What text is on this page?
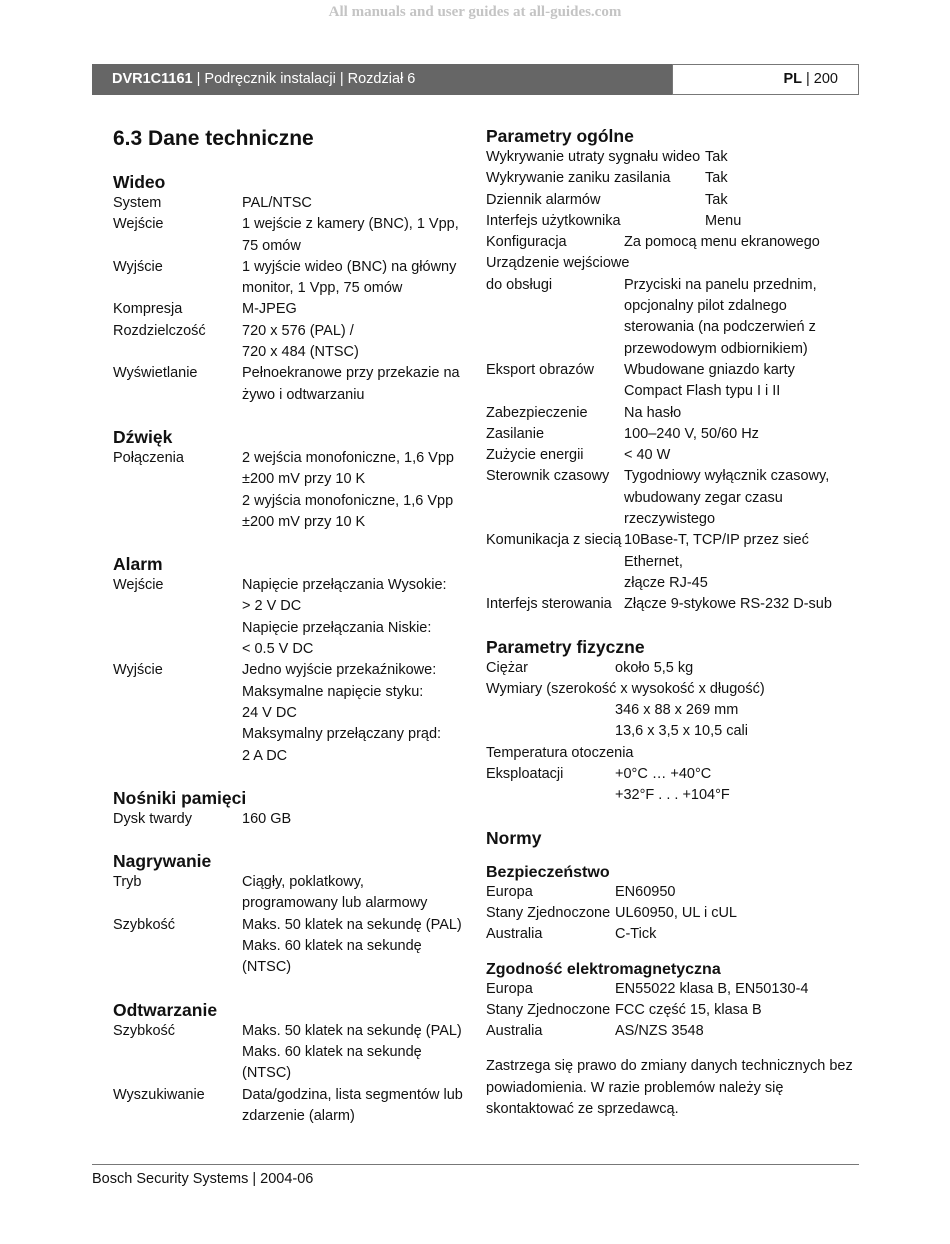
All manuals and user guides at all-guides.com
DVR1C1161 | Podręcznik instalacji | Rozdział 6	PL | 200
6.3 Dane techniczne
Wideo
System	PAL/NTSC
Wejście	1 wejście z kamery (BNC), 1 Vpp,
75 omów
Wyjście	1 wyjście wideo (BNC) na główny
monitor, 1 Vpp, 75 omów
Kompresja	M-JPEG
Rozdzielczość	720 x 576 (PAL) /
720 x 484 (NTSC)
Wyświetlanie	Pełnoekranowe przy przekazie na
żywo i odtwarzaniu
Dźwięk
Połączenia	2 wejścia monofoniczne, 1,6 Vpp
±200 mV przy 10 K
2 wyjścia monofoniczne, 1,6 Vpp
±200 mV przy 10 K
Alarm
Wejście	Napięcie przełączania Wysokie:
> 2 V DC
Napięcie przełączania Niskie:
< 0.5 V DC
Wyjście	Jedno wyjście przekaźnikowe:
Maksymalne napięcie styku:
24 V DC
Maksymalny przełączany prąd:
2 A DC
Nośniki pamięci
Dysk twardy	160 GB
Nagrywanie
Tryb	Ciągły, poklatkowy,
programowany lub alarmowy
Szybkość	Maks. 50 klatek na sekundę (PAL)
Maks. 60 klatek na sekundę
(NTSC)
Odtwarzanie
Szybkość	Maks. 50 klatek na sekundę (PAL)
Maks. 60 klatek na sekundę
(NTSC)
Wyszukiwanie	Data/godzina, lista segmentów lub
zdarzenie (alarm)
Parametry ogólne
Wykrywanie utraty sygnału wideo Tak
Wykrywanie zaniku zasilania	Tak
Dziennik alarmów	Tak
Interfejs użytkownika	Menu
Konfiguracja	Za pomocą menu ekranowego
Urządzenie wejściowe

do obsługi	Przyciski na panelu przednim,
opcjonalny pilot zdalnego
sterowania (na podczerwień z
przewodowym odbiornikiem)
Eksport obrazów	Wbudowane gniazdo karty
Compact Flash typu I i II
Zabezpieczenie	Na hasło
Zasilanie	100–240 V, 50/60 Hz
Zużycie energii	< 40 W
Sterownik czasowy	Tygodniowy wyłącznik czasowy,
wbudowany zegar czasu
rzeczywistego
Komunikacja z siecią 10Base-T, TCP/IP przez sieć
Ethernet,
złącze RJ-45
Interfejs sterowania Złącze 9-stykowe RS-232 D-sub
Parametry fizyczne
Ciężar	około 5,5 kg
Wymiary (szerokość x wysokość x długość)
346 x 88 x 269 mm
13,6 x 3,5 x 10,5 cali
Temperatura otoczenia
Eksploatacji	+0°C … +40°C
+32°F . . . +104°F
Normy
Bezpieczeństwo
Europa	EN60950
Stany Zjednoczone UL60950, UL i cUL
Australia	C-Tick
Zgodność elektromagnetyczna
Europa	EN55022 klasa B, EN50130-4
Stany Zjednoczone FCC część 15, klasa B
Australia	AS/NZS 3548
Zastrzega się prawo do zmiany danych technicznych bez powiadomienia. W razie problemów należy się skontaktować ze sprzedawcą.
Bosch Security Systems | 2004-06
